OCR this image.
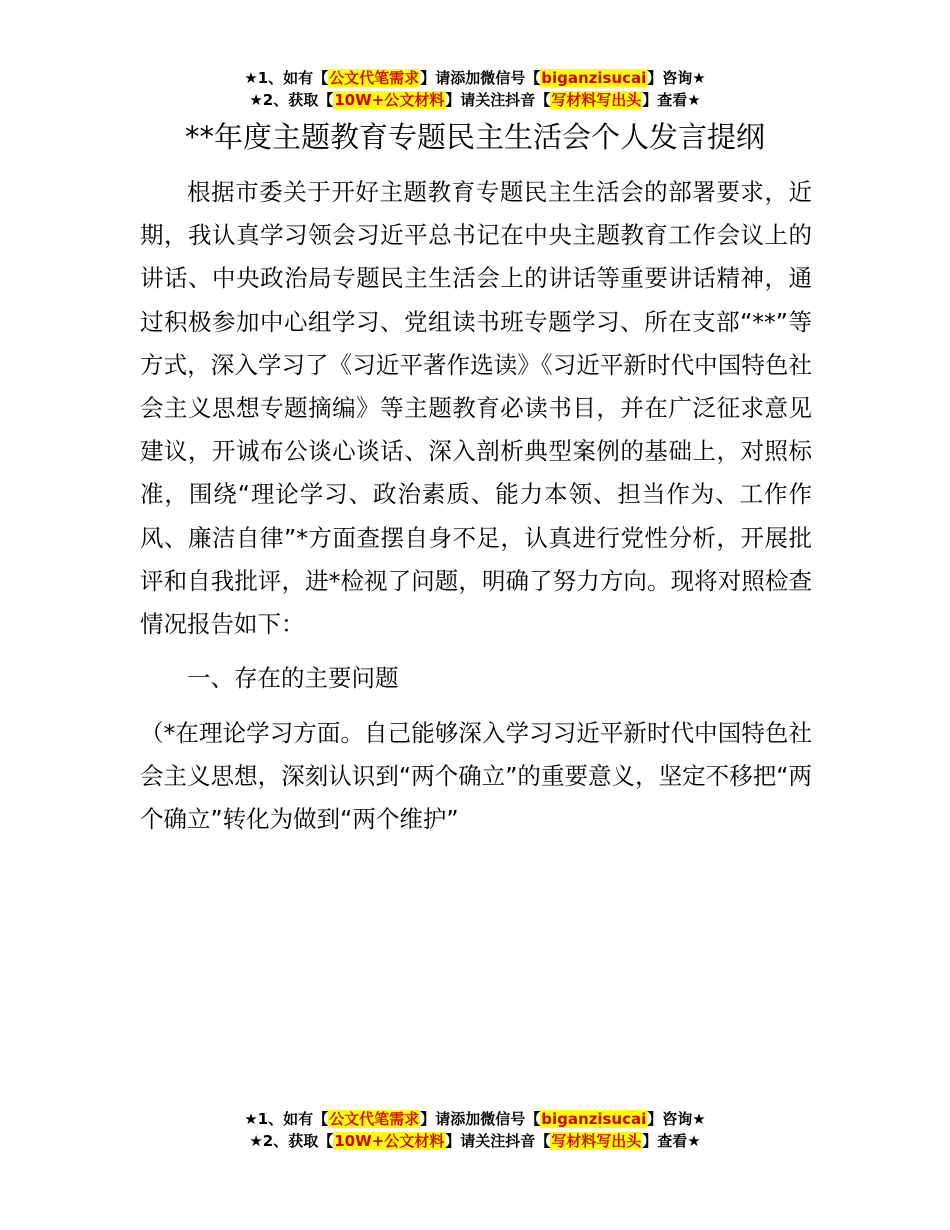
★1、如有【公文代笔需求】请添加微信号【biganzisucai】咨询★
★2、获取【10W+公文材料】请关注抖音【写材料写出头】查看★
**年度主题教育专题民主生活会个人发言提纲
根据市委关于开好主题教育专题民主生活会的部署要求，近期，我认真学习领会习近平总书记在中央主题教育工作会议上的讲话、中央政治局专题民主生活会上的讲话等重要讲话精神，通过积极参加中心组学习、党组读书班专题学习、所在支部“**”等方式，深入学习了《习近平著作选读》《习近平新时代中国特色社会主义思想专题摘编》等主题教育必读书目，并在广泛征求意见建议，开诚布公谈心谈话、深入剖析典型案例的基础上，对照标准，围绕“理论学习、政治素质、能力本领、担当作为、工作作风、廉洁自律”*方面查摆自身不足，认真进行党性分析，开展批评和自我批评，进*检视了问题，明确了努力方向。现将对照检查情况报告如下：
一、存在的主要问题
（*在理论学习方面。自己能够深入学习习近平新时代中国特色社会主义思想，深刻认识到“两个确立”的重要意义，坚定不移把“两个确立”转化为做到“两个维护”
★1、如有【公文代笔需求】请添加微信号【biganzisucai】咨询★
★2、获取【10W+公文材料】请关注抖音【写材料写出头】查看★
